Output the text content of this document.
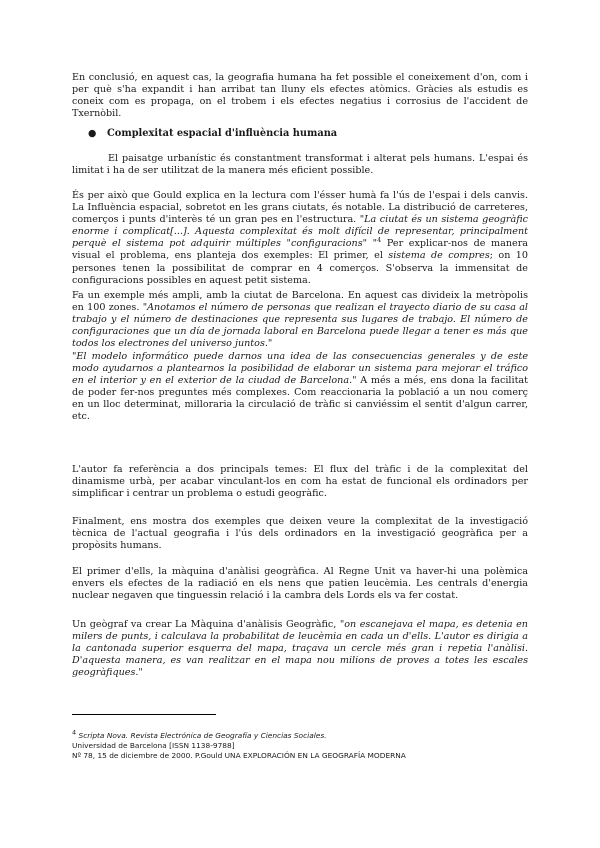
En conclusió, en aquest cas, la geografia humana ha fet possible el coneixement d'on, com i per què s'ha expandit i han arribat tan lluny els efectes atòmics. Gràcies als estudis es coneix com es propaga, on el trobem i els efectes negatius i corrosius de l'accident de Txernòbil.

● Complexitat espacial d'influència humana

El paisatge urbanístic és constantment transformat i alterat pels humans. L'espai és limitat i ha de ser utilitzat de la manera més eficient possible.

És per això que Gould explica en la lectura com l'ésser humà fa l'ús de l'espai i dels canvis. La Influència espacial, sobretot en les grans ciutats, és notable. La distribució de carreteres, comerços i punts d'interès té un gran pes en l'estructura. "La ciutat és un sistema geogràfic enorme i complicat[...]. Aquesta complexitat és molt difícil de representar, principalment perquè el sistema pot adquirir múltiples "configuracions" "$^4$ Per explicar-nos de manera visual el problema, ens planteja dos exemples: El primer, el sistema de compres; on 10 persones tenen la possibilitat de comprar en 4 comerços. S'observa la immensitat de configuracions possibles en aquest petit sistema.

Fa un exemple més ampli, amb la ciutat de Barcelona. En aquest cas divideix la metròpolis en 100 zones. "Anotamos el número de personas que realizan el trayecto diario de su casa al trabajo y el número de destinaciones que representa sus lugares de trabajo. El número de configuraciones que un día de jornada laboral en Barcelona puede llegar a tener es más que todos los electrones del universo juntos."

"El modelo informático puede darnos una idea de las consecuencias generales y de este modo ayudarnos a plantearnos la posibilidad de elaborar un sistema para mejorar el tráfico en el interior y en el exterior de la ciudad de Barcelona." A més a més, ens dona la facilitat de poder fer-nos preguntes més complexes. Com reaccionaria la població a un nou comerç en un lloc determinat, milloraria la circulació de tràfic si canviéssim el sentit d'algun carrer, etc.

L'autor fa referència a dos principals temes: El flux del tràfic i de la complexitat del dinamisme urbà, per acabar vinculant-los en com ha estat de funcional els ordinadors per simplificar i centrar un problema o estudi geogràfic.

Finalment, ens mostra dos exemples que deixen veure la complexitat de la investigació tècnica de l'actual geografia i l'ús dels ordinadors en la investigació geogràfica per a propòsits humans.

El primer d'ells, la màquina d'anàlisi geogràfica. Al Regne Unit va haver-hi una polèmica envers els efectes de la radiació en els nens que patien leucèmia. Les centrals d'energia nuclear negaven que tinguessin relació i la cambra dels Lords els va fer costat.

Un geògraf va crear La Màquina d'anàlisis Geogràfic, "on escanejava el mapa, es detenia en milers de punts, i calculava la probabilitat de leucèmia en cada un d'ells. L'autor es dirigia a la cantonada superior esquerra del mapa, traçava un cercle més gran i repetia l'anàlisi. D'aquesta manera, es van realitzar en el mapa nou milions de proves a totes les escales geogràfiques."

4 Scripta Nova. Revista Electrónica de Geografía y Ciencias Sociales.

Universidad de Barcelona [ISSN 1138-9788]

Nº 78, 15 de diciembre de 2000. P.Gould UNA EXPLORACIÓN EN LA GEOGRAFÍA MODERNA
